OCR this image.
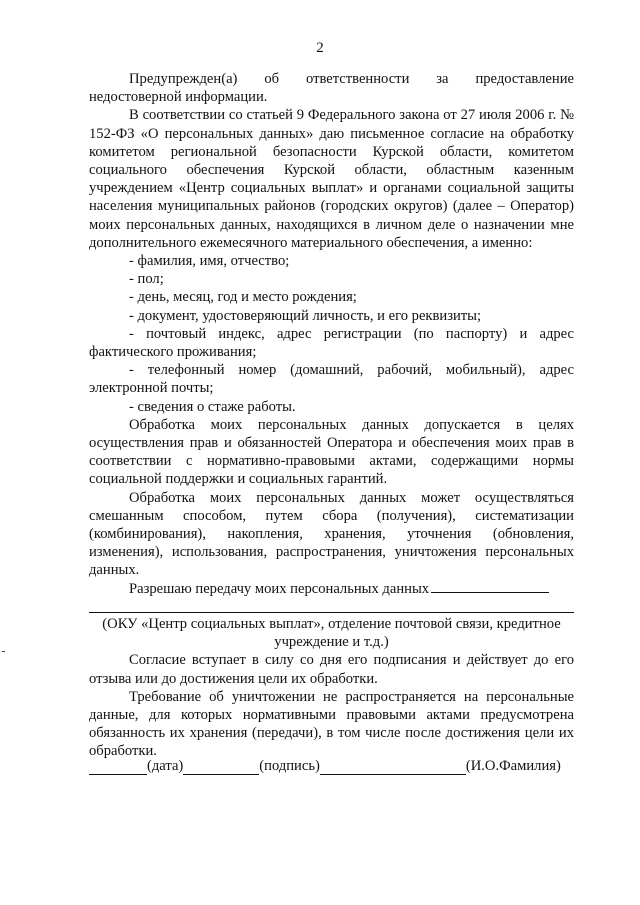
2

Предупрежден(а) об ответственности за предоставление недостоверной информации.

В соответствии со статьей 9 Федерального закона от 27 июля 2006 г. № 152-ФЗ «О персональных данных» даю письменное согласие на обработку комитетом региональной безопасности Курской области, комитетом социального обеспечения Курской области, областным казенным учреждением «Центр социальных выплат» и органами социальной защиты населения муниципальных районов (городских округов) (далее – Оператор) моих персональных данных, находящихся в личном деле о назначении мне дополнительного ежемесячного материального обеспечения, а именно:

- фамилия, имя, отчество;
- пол;
- день, месяц, год и место рождения;
- документ, удостоверяющий личность, и его реквизиты;
- почтовый индекс, адрес регистрации (по паспорту) и адрес фактического проживания;
- телефонный номер (домашний, рабочий, мобильный), адрес электронной почты;
- сведения о стаже работы.

Обработка моих персональных данных допускается в целях осуществления прав и обязанностей Оператора и обеспечения моих прав в соответствии с нормативно-правовыми актами, содержащими нормы социальной поддержки и социальных гарантий.

Обработка моих персональных данных может осуществляться смешанным способом, путем сбора (получения), систематизации (комбинирования), накопления, хранения, уточнения (обновления, изменения), использования, распространения, уничтожения персональных данных.

Разрешаю передачу моих персональных данных

(ОКУ «Центр социальных выплат», отделение почтовой связи, кредитное учреждение и т.д.)

Согласие вступает в силу со дня его подписания и действует до его отзыва или до достижения цели их обработки.

Требование об уничтожении не распространяется на персональные данные, для которых нормативными правовыми актами предусмотрена обязанность их хранения (передачи), в том числе после достижения цели их обработки.

(дата)	(подпись)	(И.О.Фамилия)
